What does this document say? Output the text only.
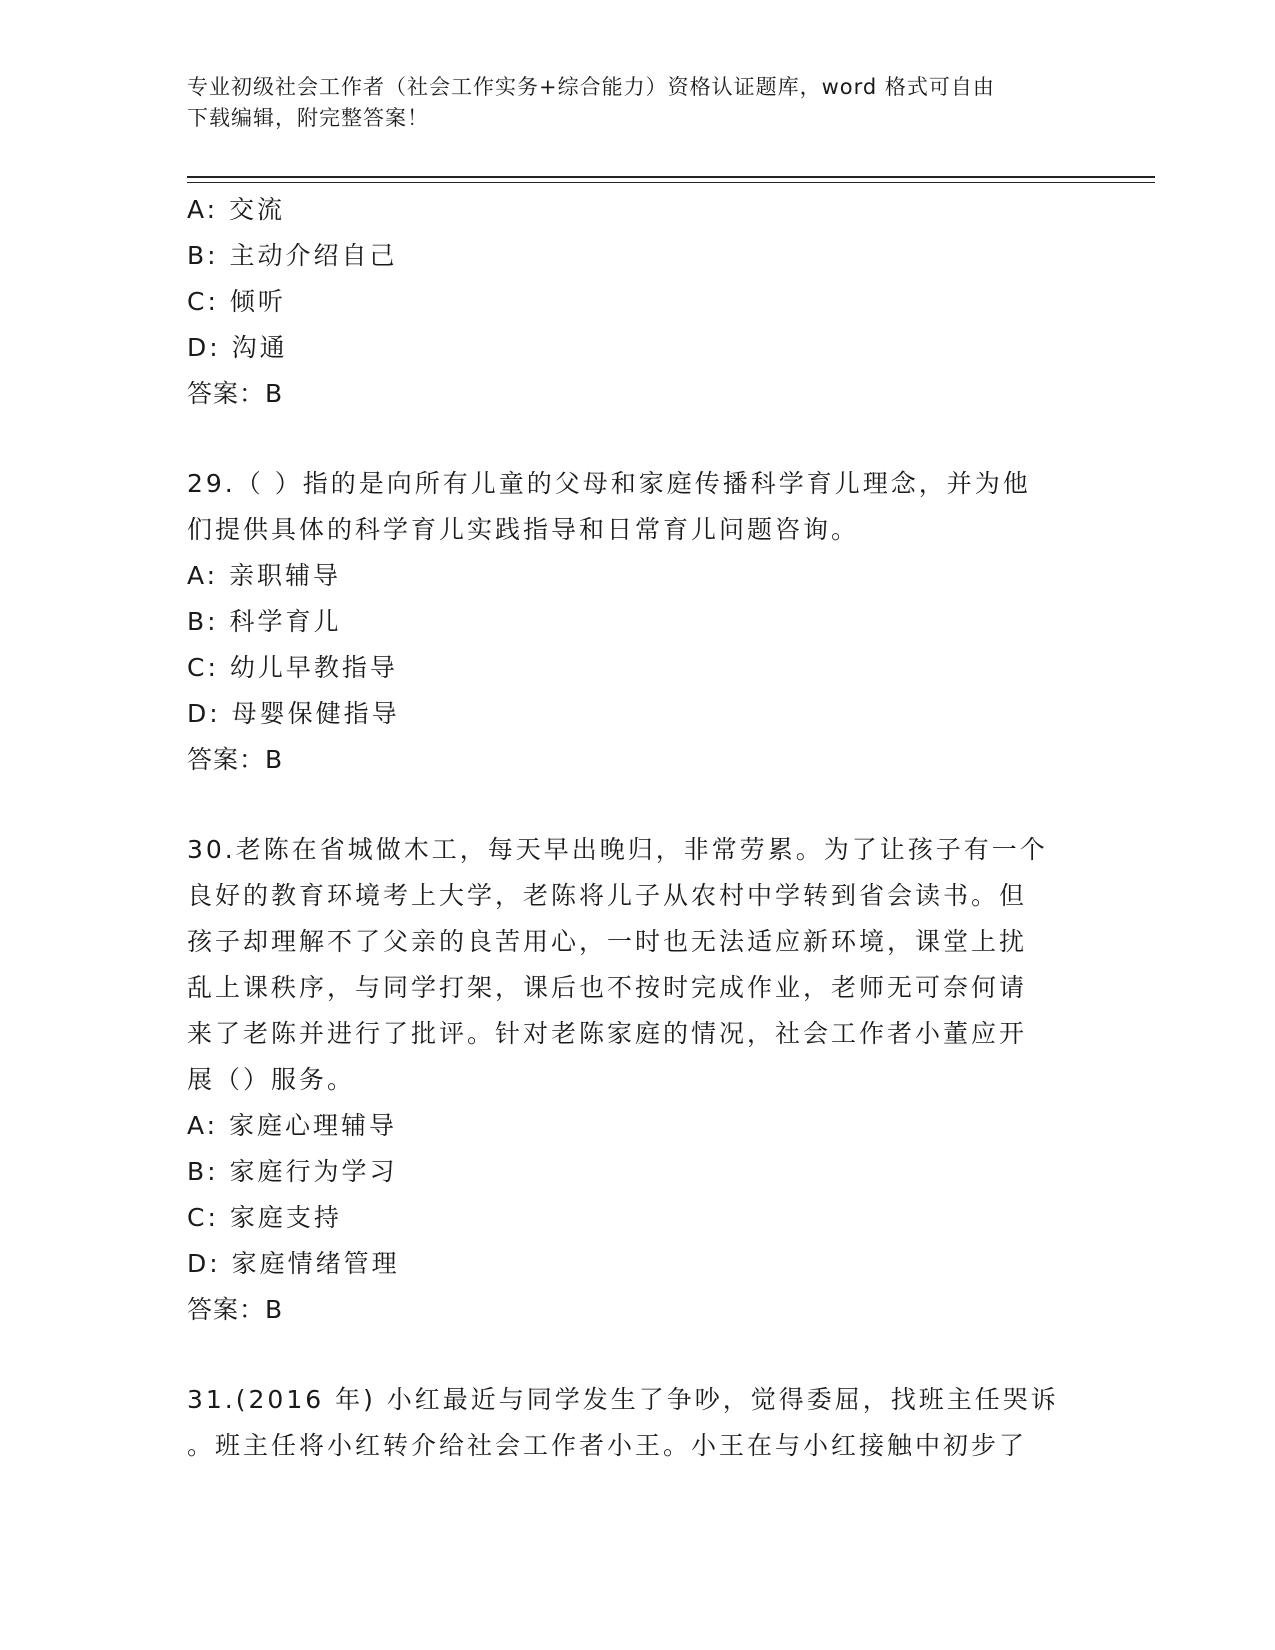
专业初级社会工作者（社会工作实务+综合能力）资格认证题库，word 格式可自由
下载编辑，附完整答案！
A: 交流
B: 主动介绍自己
C: 倾听
D: 沟通
答案：B
29.（ ）指的是向所有儿童的父母和家庭传播科学育儿理念，并为他
们提供具体的科学育儿实践指导和日常育儿问题咨询。
A: 亲职辅导
B: 科学育儿
C: 幼儿早教指导
D: 母婴保健指导
答案：B
30.老陈在省城做木工，每天早出晚归，非常劳累。为了让孩子有一个
良好的教育环境考上大学，老陈将儿子从农村中学转到省会读书。但
孩子却理解不了父亲的良苦用心，一时也无法适应新环境，课堂上扰
乱上课秩序，与同学打架，课后也不按时完成作业，老师无可奈何请
来了老陈并进行了批评。针对老陈家庭的情况，社会工作者小董应开
展（）服务。
A: 家庭心理辅导
B: 家庭行为学习
C: 家庭支持
D: 家庭情绪管理
答案：B
31.(2016 年) 小红最近与同学发生了争吵，觉得委屈，找班主任哭诉
。班主任将小红转介给社会工作者小王。小王在与小红接触中初步了
